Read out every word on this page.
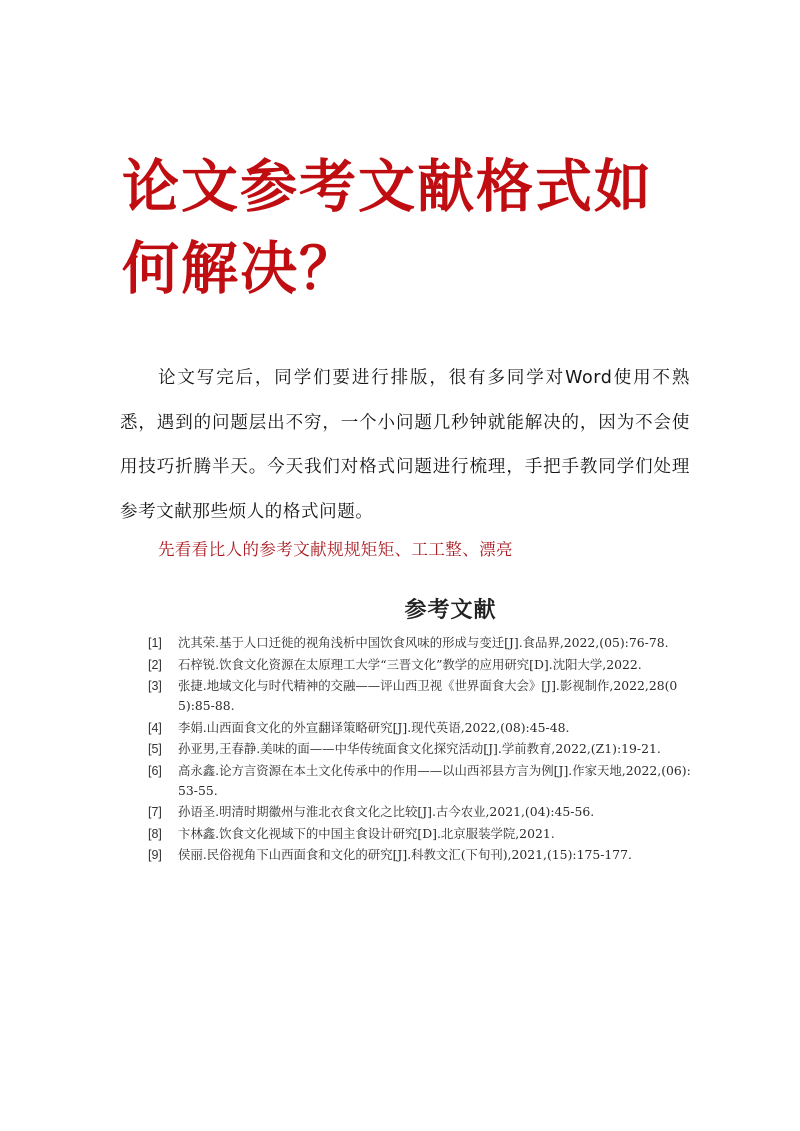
论文参考文献格式如何解决？

论文写完后，同学们要进行排版，很有多同学对Word使用不熟悉，遇到的问题层出不穷，一个小问题几秒钟就能解决的，因为不会使用技巧折腾半天。今天我们对格式问题进行梳理，手把手教同学们处理参考文献那些烦人的格式问题。

先看看比人的参考文献规规矩矩、工工整、漂亮

参考文献
[1]	沈其荣.基于人口迁徙的视角浅析中国饮食风味的形成与变迁[J].食品界,2022,(05):76-78.
[2]	石梓锐.饮食文化资源在太原理工大学“三晋文化”教学的应用研究[D].沈阳大学,2022.
[3]	张捷.地域文化与时代精神的交融——评山西卫视《世界面食大会》[J].影视制作,2022,28(05):85-88.
[4]	李娟.山西面食文化的外宣翻译策略研究[J].现代英语,2022,(08):45-48.
[5]	孙亚男,王春静.美味的面——中华传统面食文化探究活动[J].学前教育,2022,(Z1):19-21.
[6]	高永鑫.论方言资源在本土文化传承中的作用——以山西祁县方言为例[J].作家天地,2022,(06):53-55.
[7]	孙语圣.明清时期徽州与淮北衣食文化之比较[J].古今农业,2021,(04):45-56.
[8]	卞林鑫.饮食文化视域下的中国主食设计研究[D].北京服装学院,2021.
[9]	侯丽.民俗视角下山西面食和文化的研究[J].科教文汇(下旬刊),2021,(15):175-177.
